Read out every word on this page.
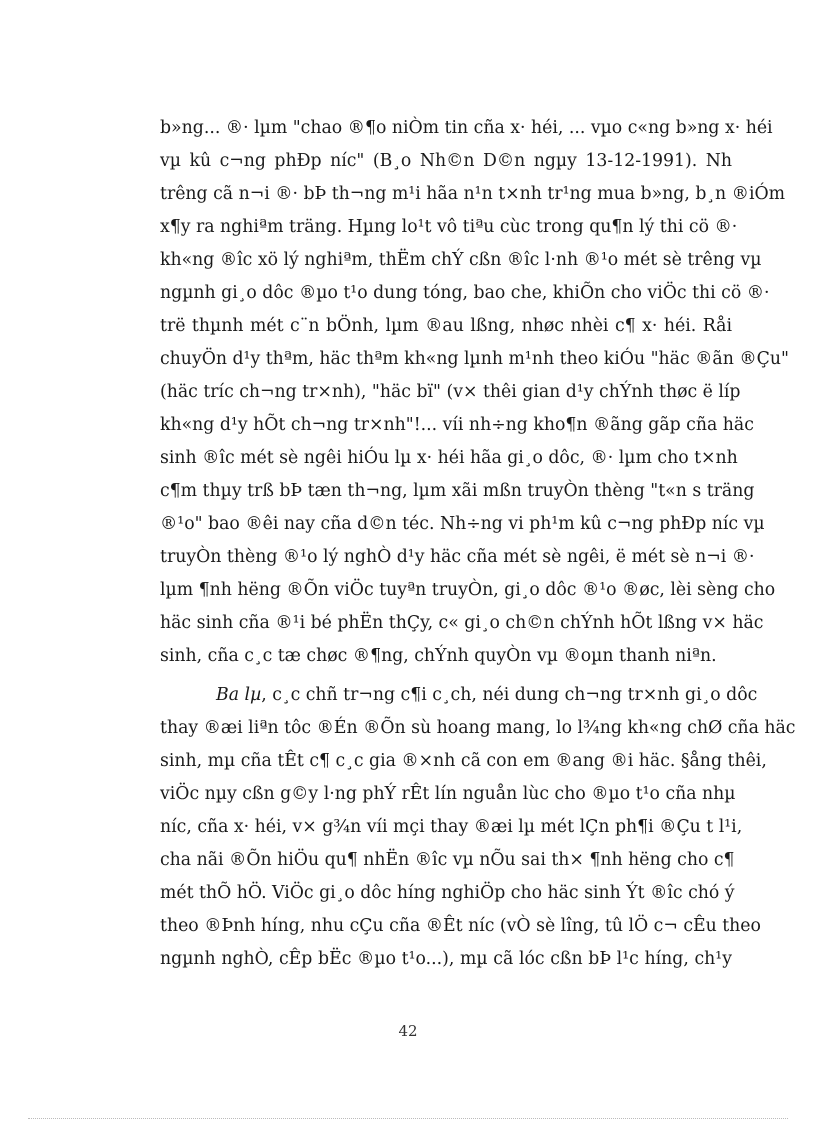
b»ng... ®· lµm "chao ®¶o niÒm tin cña x· héi, ... vµo c«ng b»ng x· héi
vµ kû c¬ng phÐp níc" (B¸o Nh©n D©n ngµy 13-12-1991). Nh
trêng cã n¬i ®· bÞ th¬ng m¹i hãa n¹n t×nh tr¹ng mua b»ng, b¸n ®iÓm
x¶y ra nghiªm träng. Hµng lo¹t vô tiªu cùc trong qu¶n lý thi cö ®·
kh«ng ®îc xö lý nghiªm, thËm chÝ cßn ®îc l·nh ®¹o mét sè trêng vµ
ngµnh gi¸o dôc ®µo t¹o dung tóng, bao che, khiÕn cho viÖc thi cö ®·
trë thµnh mét c¨n bÖnh, lµm ®au lßng, nhøc nhèi c¶ x· héi. Råi
chuyÖn d¹y thªm, häc thªm kh«ng lµnh m¹nh theo kiÓu "häc ®ãn ®Çu"
(häc tríc ch¬ng tr×nh), "häc bï" (v× thêi gian d¹y chÝnh thøc ë líp
kh«ng d¹y hÕt ch¬ng tr×nh"!... víi nh÷ng kho¶n ®ãng gãp cña häc
sinh ®îc mét sè ngêi hiÓu lµ x· héi hãa gi¸o dôc, ®· lµm cho t×nh
c¶m thµy trß bÞ tæn th¬ng, lµm xãi mßn truyÒn thèng "t«n s träng
®¹o" bao ®êi nay cña d©n téc. Nh÷ng vi ph¹m kû c¬ng phÐp níc vµ
truyÒn thèng ®¹o lý nghÒ d¹y häc cña mét sè ngêi, ë mét sè n¬i ®·
lµm ¶nh hëng ®Õn viÖc tuyªn truyÒn, gi¸o dôc ®¹o ®øc, lèi sèng cho
häc sinh cña ®¹i bé phËn thÇy, c« gi¸o ch©n chÝnh hÕt lßng v× häc
sinh, cña c¸c tæ chøc ®¶ng, chÝnh quyÒn vµ ®oµn thanh niªn.
Ba lµ, c¸c chñ tr¬ng c¶i c¸ch, néi dung ch¬ng tr×nh gi¸o dôc
thay ®æi liªn tôc ®Én ®Õn sù hoang mang, lo l¾ng kh«ng chØ cña häc
sinh, mµ cña tÊt c¶ c¸c gia ®×nh cã con em ®ang ®i häc. §ång thêi,
viÖc nµy cßn g©y l·ng phÝ rÊt lín nguån lùc cho ®µo t¹o cña nhµ
níc, cña x· héi, v× g¾n víi mçi thay ®æi lµ mét lÇn ph¶i ®Çu t l¹i,
cha nãi ®Õn hiÖu qu¶ nhËn ®îc vµ nÕu sai th× ¶nh hëng cho c¶
mét thÕ hÖ. ViÖc gi¸o dôc híng nghiÖp cho häc sinh Ýt ®îc chó ý
theo ®Þnh híng, nhu cÇu cña ®Êt níc (vÒ sè lîng, tû lÖ c¬ cÊu theo
ngµnh nghÒ, cÊp bËc ®µo t¹o...), mµ cã lóc cßn bÞ l¹c híng, ch¹y
42
